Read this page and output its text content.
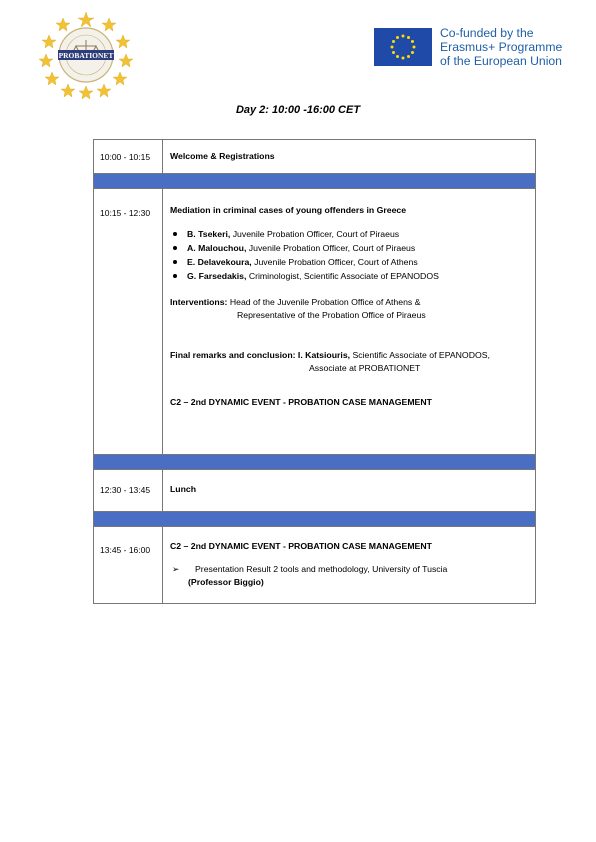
PROBATIONET
Co-funded by the
Erasmus+ Programme
of the European Union
Day 2: 10:00 -16:00 CET
10:00 - 10:15	Welcome & Registrations
10:15 - 12:30	Mediation in criminal cases of young offenders in Greece
B. Tsekeri, Juvenile Probation Officer, Court of Piraeus
A. Malouchou, Juvenile Probation Officer, Court of Piraeus
E. Delavekoura, Juvenile Probation Officer, Court of Athens
G. Farsedakis, Criminologist, Scientific Associate of EPANODOS
Interventions: Head of the Juvenile Probation Office of Athens &
Representative of the Probation Office of Piraeus
Final remarks and conclusion: I. Katsiouris, Scientific Associate of EPANODOS,
Associate at PROBATIONET
C2 – 2nd DYNAMIC EVENT - PROBATION CASE MANAGEMENT
12:30 - 13:45	Lunch
13:45 - 16:00	C2 – 2nd DYNAMIC EVENT - PROBATION CASE MANAGEMENT
➢ Presentation Result 2 tools and methodology, University of Tuscia
(Professor Biggio)
